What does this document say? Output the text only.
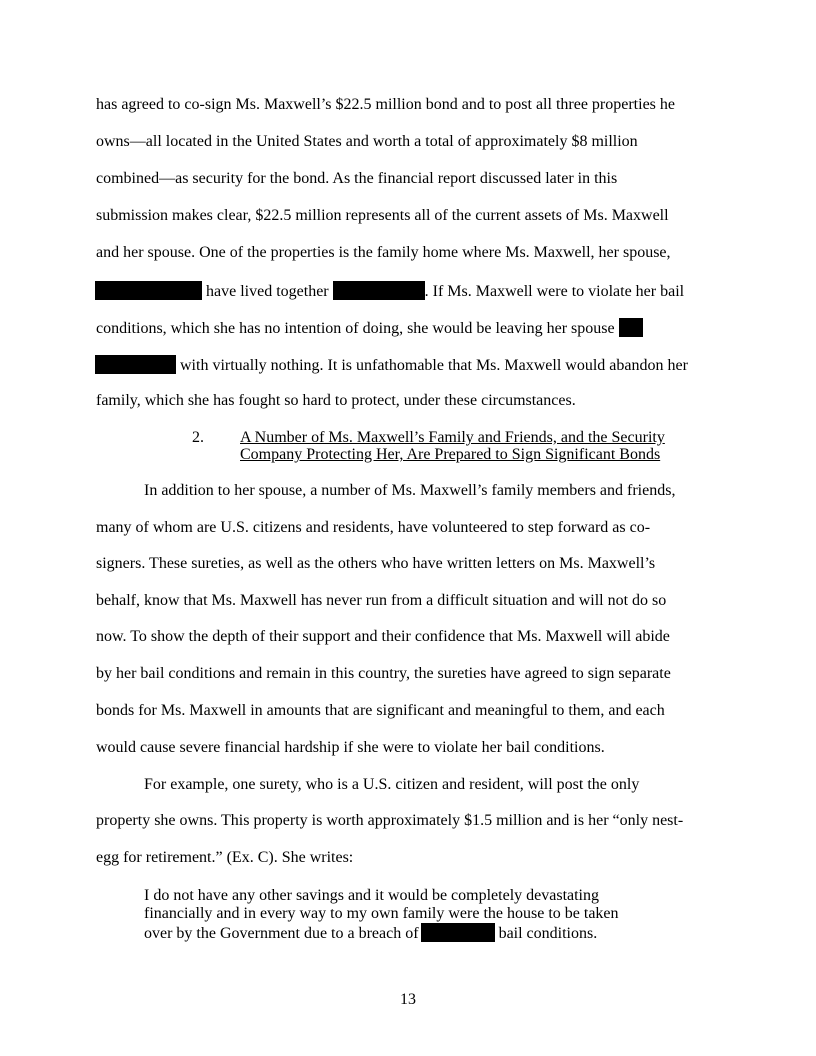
has agreed to co-sign Ms. Maxwell’s $22.5 million bond and to post all three properties he
owns—all located in the United States and worth a total of approximately $8 million
combined—as security for the bond. As the financial report discussed later in this
submission makes clear, $22.5 million represents all of the current assets of Ms. Maxwell
and her spouse. One of the properties is the family home where Ms. Maxwell, her spouse,
have lived together	. If Ms. Maxwell were to violate her bail
conditions, which she has no intention of doing, she would be leaving her spouse
with virtually nothing. It is unfathomable that Ms. Maxwell would abandon her
family, which she has fought so hard to protect, under these circumstances.
2. A Number of Ms. Maxwell’s Family and Friends, and the Security
Company Protecting Her, Are Prepared to Sign Significant Bonds
In addition to her spouse, a number of Ms. Maxwell’s family members and friends,
many of whom are U.S. citizens and residents, have volunteered to step forward as co-
signers. These sureties, as well as the others who have written letters on Ms. Maxwell’s
behalf, know that Ms. Maxwell has never run from a difficult situation and will not do so
now. To show the depth of their support and their confidence that Ms. Maxwell will abide
by her bail conditions and remain in this country, the sureties have agreed to sign separate
bonds for Ms. Maxwell in amounts that are significant and meaningful to them, and each
would cause severe financial hardship if she were to violate her bail conditions.
For example, one surety, who is a U.S. citizen and resident, will post the only
property she owns. This property is worth approximately $1.5 million and is her “only nest-
egg for retirement.” (Ex. C). She writes:
I do not have any other savings and it would be completely devastating
financially and in every way to my own family were the house to be taken
over by the Government due to a breach of	bail conditions.
13
